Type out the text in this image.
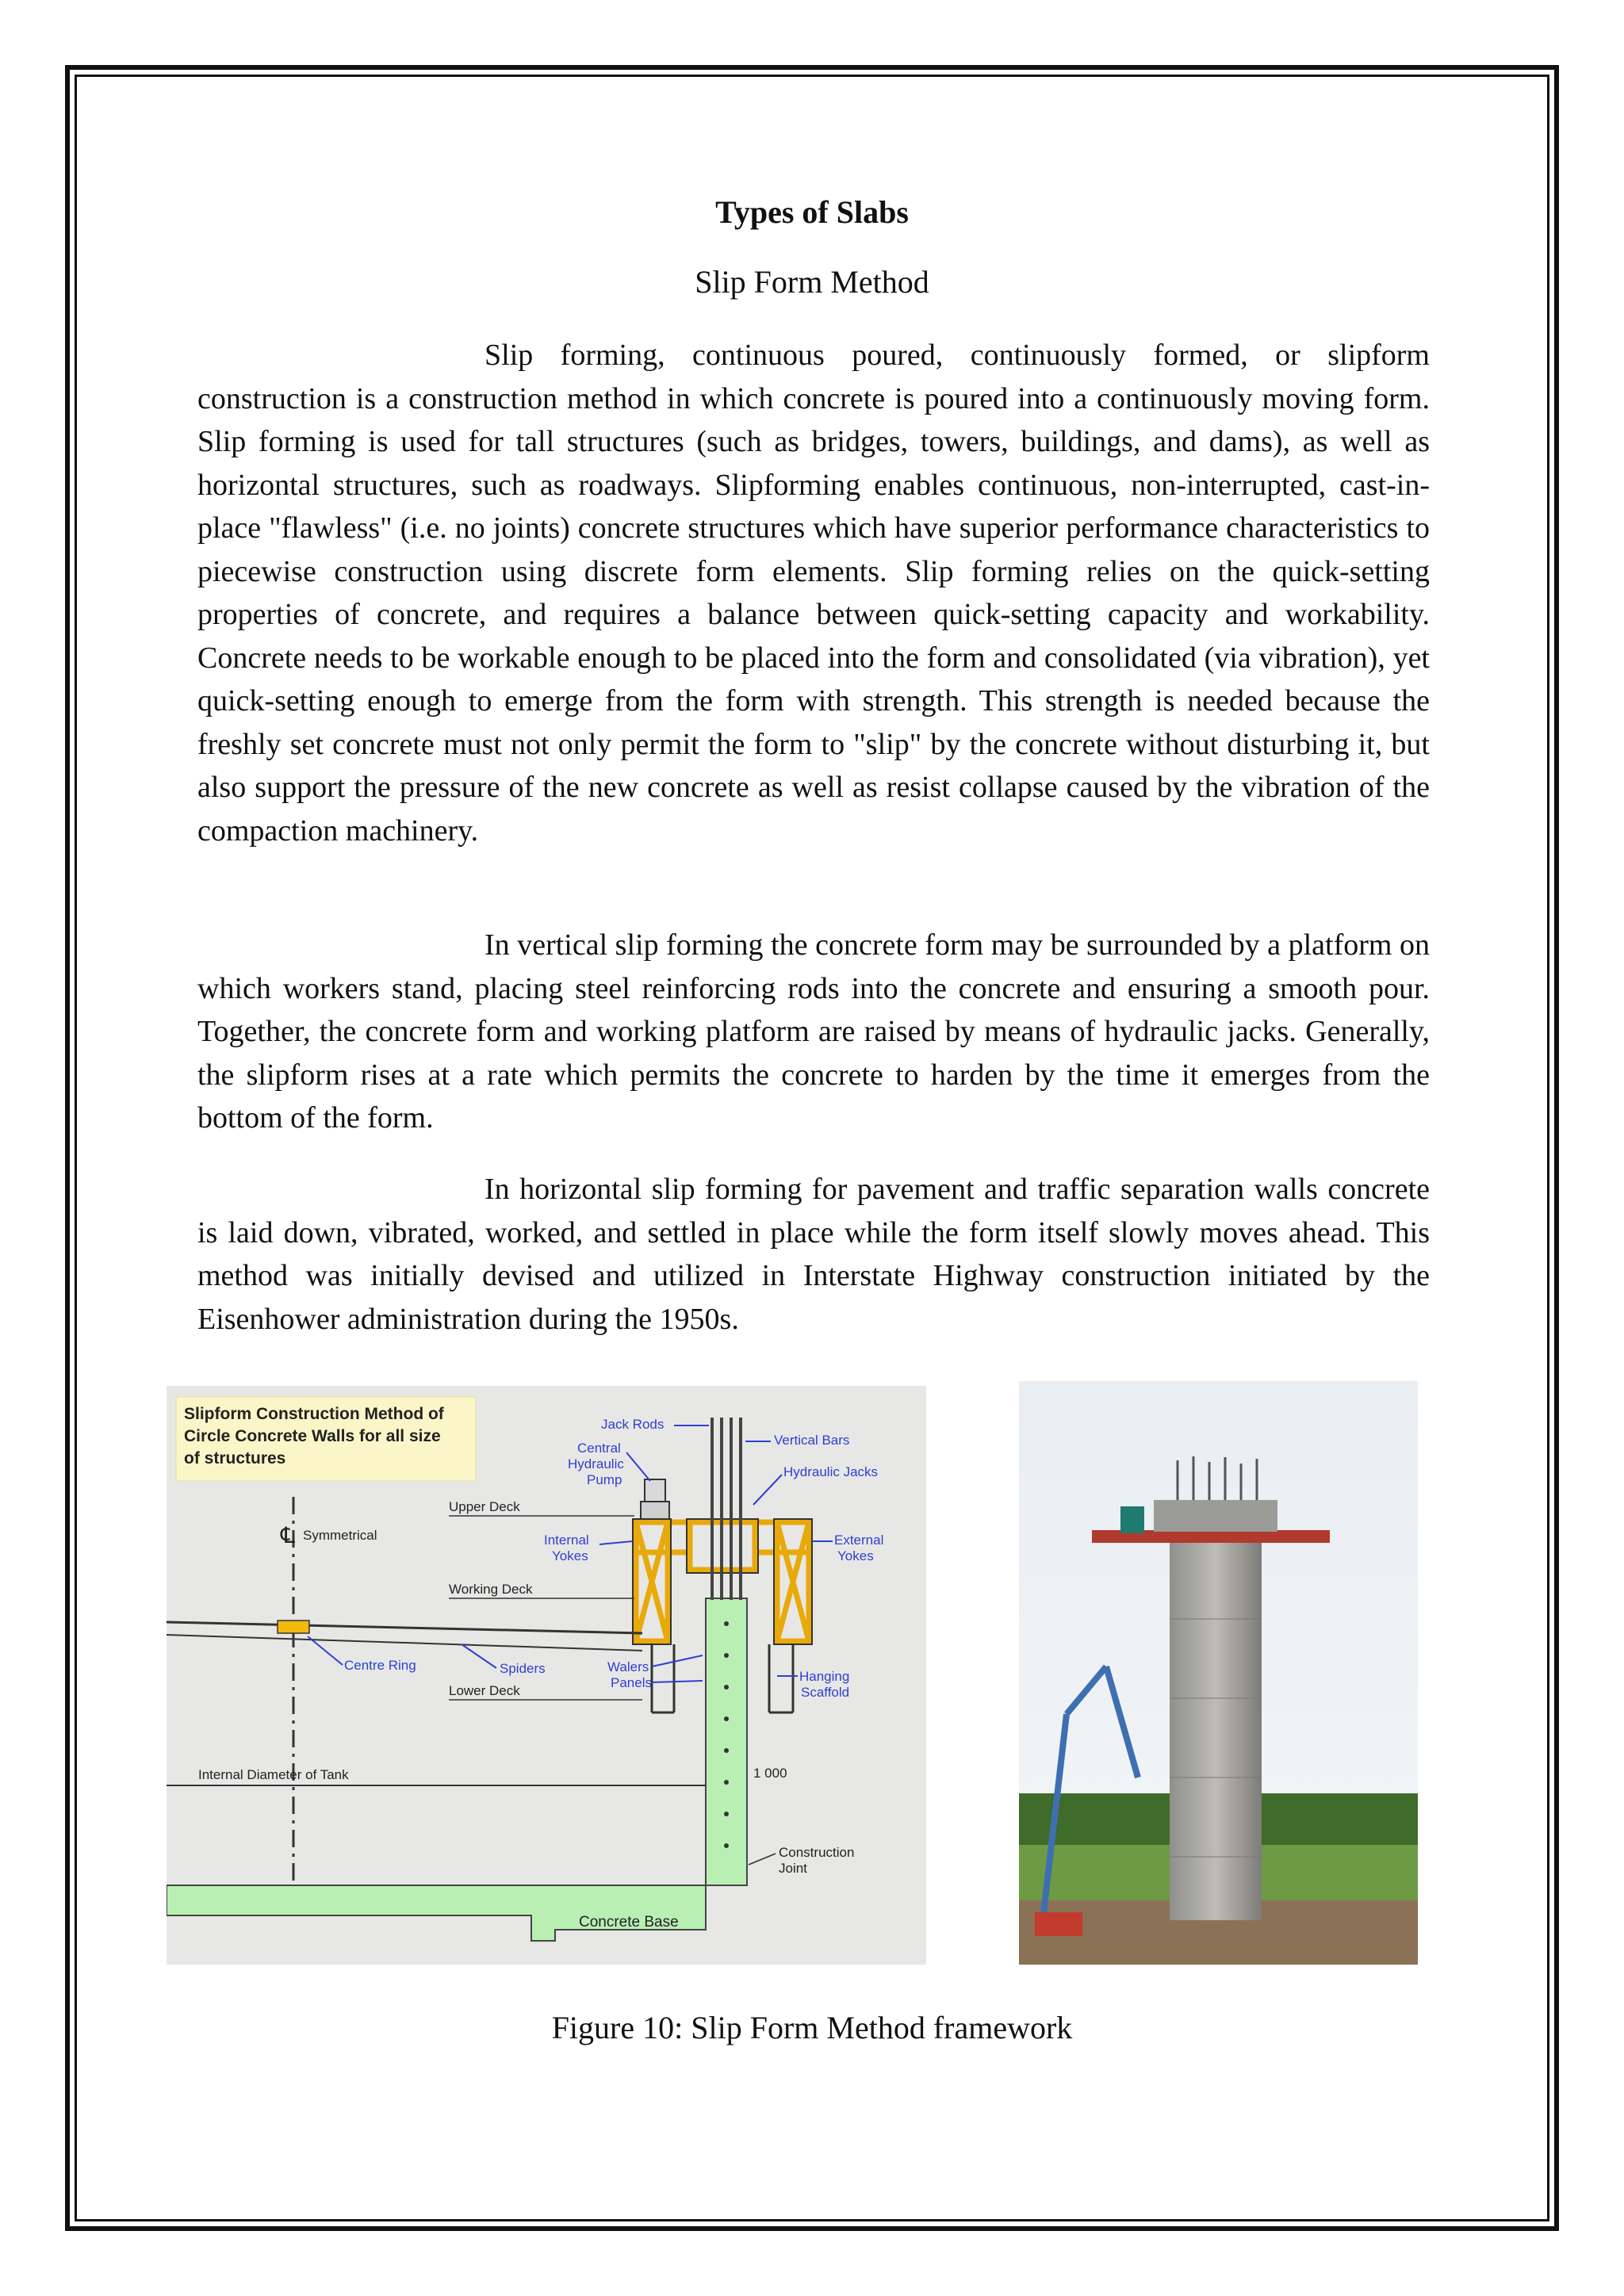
Types of Slabs
Slip Form Method
Slip forming, continuous poured, continuously formed, or slipform construction is a construction method in which concrete is poured into a continuously moving form. Slip forming is used for tall structures (such as bridges, towers, buildings, and dams), as well as horizontal structures, such as roadways. Slipforming enables continuous, non-interrupted, cast-in-place "flawless" (i.e. no joints) concrete structures which have superior performance characteristics to piecewise construction using discrete form elements. Slip forming relies on the quick-setting properties of concrete, and requires a balance between quick-setting capacity and workability. Concrete needs to be workable enough to be placed into the form and consolidated (via vibration), yet quick-setting enough to emerge from the form with strength. This strength is needed because the freshly set concrete must not only permit the form to "slip" by the concrete without disturbing it, but also support the pressure of the new concrete as well as resist collapse caused by the vibration of the compaction machinery.
In vertical slip forming the concrete form may be surrounded by a platform on which workers stand, placing steel reinforcing rods into the concrete and ensuring a smooth pour. Together, the concrete form and working platform are raised by means of hydraulic jacks. Generally, the slipform rises at a rate which permits the concrete to harden by the time it emerges from the bottom of the form.
In horizontal slip forming for pavement and traffic separation walls concrete is laid down, vibrated, worked, and settled in place while the form itself slowly moves ahead. This method was initially devised and utilized in Interstate Highway construction initiated by the Eisenhower administration during the 1950s.
Slipform Construction Method of
Circle Concrete Walls for all size
of structures
℄ Symmetrical
Concrete Base
Upper Deck
Working Deck
Lower Deck
Centre Ring	Spiders
Internal Diameter of Tank
Jack Rods
Central
Hydraulic
Pump
Internal
Yokes
Walers
Panels
Vertical Bars
Hydraulic Jacks
External
Yokes
Hanging
Scaffold
1 000
Construction
Joint
Figure 10: Slip Form Method framework
